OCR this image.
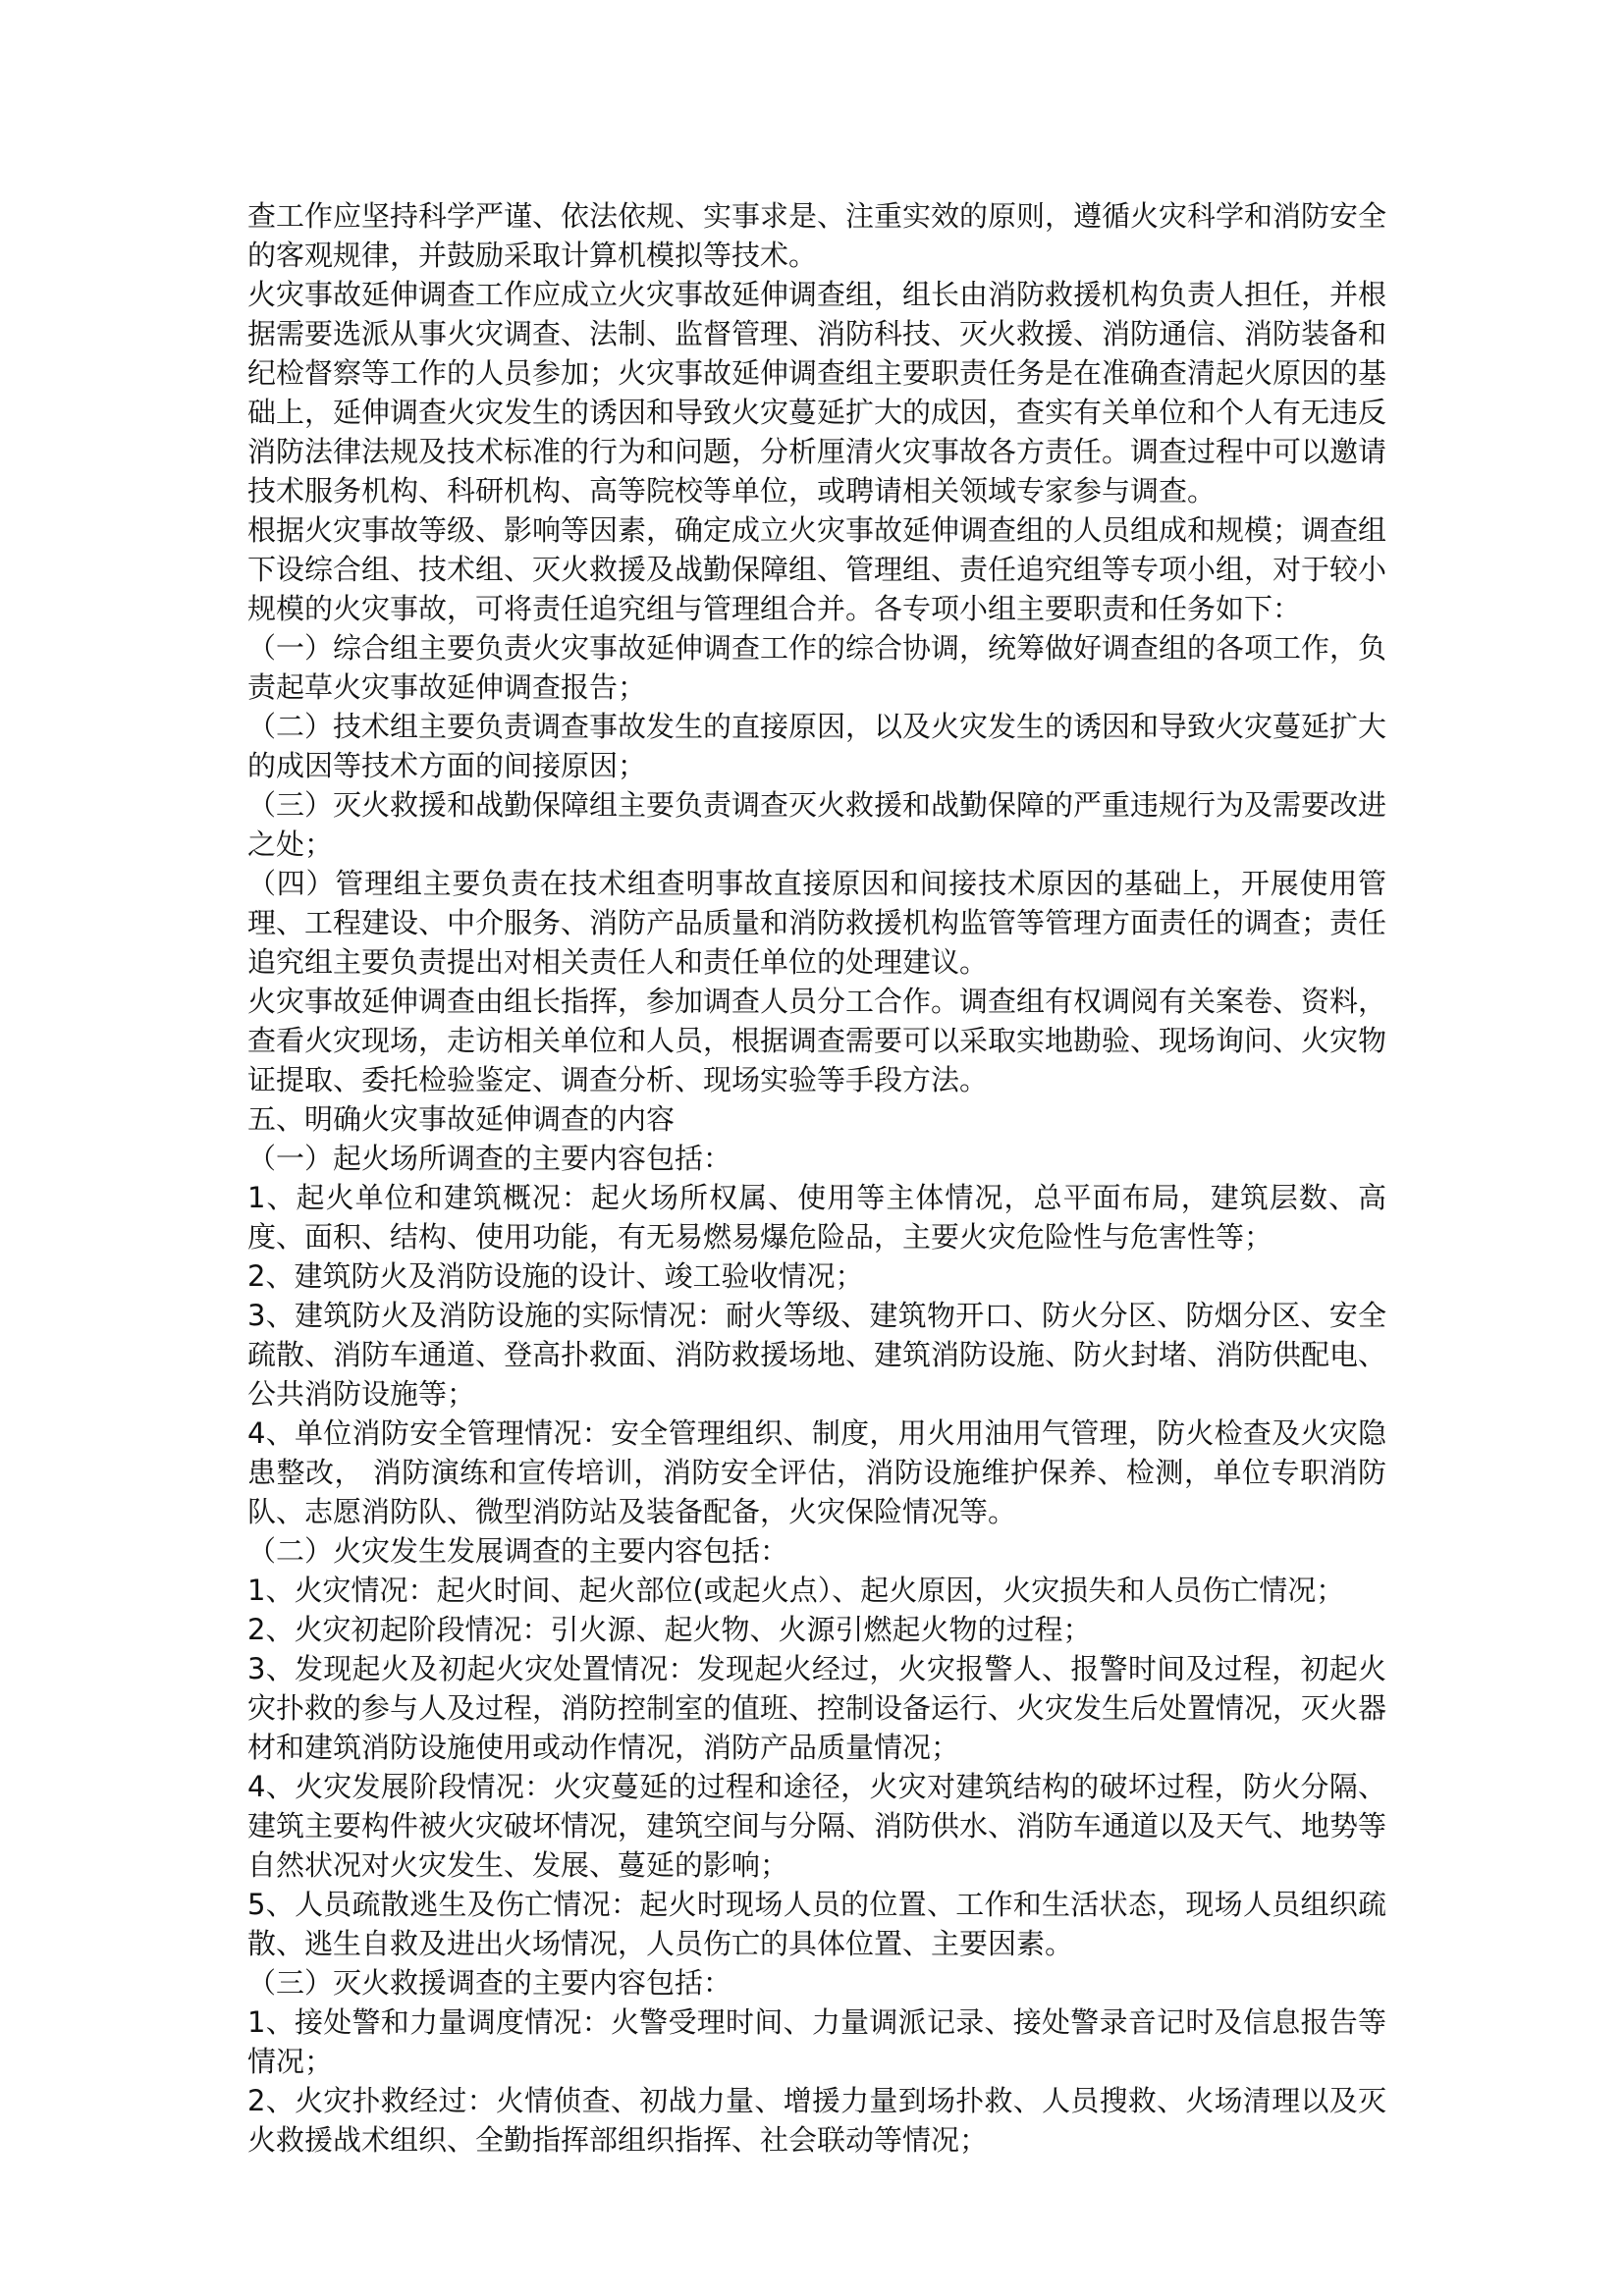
查工作应坚持科学严谨、依法依规、实事求是、注重实效的原则，遵循火灾科学和消防安全的客观规律，并鼓励采取计算机模拟等技术。

火灾事故延伸调查工作应成立火灾事故延伸调查组，组长由消防救援机构负责人担任，并根据需要选派从事火灾调查、法制、监督管理、消防科技、灭火救援、消防通信、消防装备和纪检督察等工作的人员参加；火灾事故延伸调查组主要职责任务是在准确查清起火原因的基础上，延伸调查火灾发生的诱因和导致火灾蔓延扩大的成因，查实有关单位和个人有无违反消防法律法规及技术标准的行为和问题，分析厘清火灾事故各方责任。调查过程中可以邀请技术服务机构、科研机构、高等院校等单位，或聘请相关领域专家参与调查。

根据火灾事故等级、影响等因素，确定成立火灾事故延伸调查组的人员组成和规模；调查组下设综合组、技术组、灭火救援及战勤保障组、管理组、责任追究组等专项小组，对于较小规模的火灾事故，可将责任追究组与管理组合并。各专项小组主要职责和任务如下：

（一）综合组主要负责火灾事故延伸调查工作的综合协调，统筹做好调查组的各项工作，负责起草火灾事故延伸调查报告；

（二）技术组主要负责调查事故发生的直接原因，以及火灾发生的诱因和导致火灾蔓延扩大的成因等技术方面的间接原因；

（三）灭火救援和战勤保障组主要负责调查灭火救援和战勤保障的严重违规行为及需要改进之处；

（四）管理组主要负责在技术组查明事故直接原因和间接技术原因的基础上，开展使用管理、工程建设、中介服务、消防产品质量和消防救援机构监管等管理方面责任的调查；责任追究组主要负责提出对相关责任人和责任单位的处理建议。

火灾事故延伸调查由组长指挥，参加调查人员分工合作。调查组有权调阅有关案卷、资料，查看火灾现场，走访相关单位和人员，根据调查需要可以采取实地勘验、现场询问、火灾物证提取、委托检验鉴定、调查分析、现场实验等手段方法。

五、明确火灾事故延伸调查的内容

（一）起火场所调查的主要内容包括：

1、起火单位和建筑概况：起火场所权属、使用等主体情况，总平面布局，建筑层数、高度、面积、结构、使用功能，有无易燃易爆危险品，主要火灾危险性与危害性等；

2、建筑防火及消防设施的设计、竣工验收情况；

3、建筑防火及消防设施的实际情况：耐火等级、建筑物开口、防火分区、防烟分区、安全疏散、消防车通道、登高扑救面、消防救援场地、建筑消防设施、防火封堵、消防供配电、公共消防设施等；

4、单位消防安全管理情况：安全管理组织、制度，用火用油用气管理，防火检查及火灾隐患整改， 消防演练和宣传培训，消防安全评估，消防设施维护保养、检测，单位专职消防队、志愿消防队、微型消防站及装备配备，火灾保险情况等。

（二）火灾发生发展调查的主要内容包括：

1、火灾情况：起火时间、起火部位(或起火点）、起火原因，火灾损失和人员伤亡情况；

2、火灾初起阶段情况：引火源、起火物、火源引燃起火物的过程；

3、发现起火及初起火灾处置情况：发现起火经过，火灾报警人、报警时间及过程，初起火灾扑救的参与人及过程，消防控制室的值班、控制设备运行、火灾发生后处置情况，灭火器材和建筑消防设施使用或动作情况，消防产品质量情况；

4、火灾发展阶段情况：火灾蔓延的过程和途径，火灾对建筑结构的破坏过程，防火分隔、建筑主要构件被火灾破坏情况，建筑空间与分隔、消防供水、消防车通道以及天气、地势等自然状况对火灾发生、发展、蔓延的影响；

5、人员疏散逃生及伤亡情况：起火时现场人员的位置、工作和生活状态，现场人员组织疏散、逃生自救及进出火场情况，人员伤亡的具体位置、主要因素。

（三）灭火救援调查的主要内容包括：

1、接处警和力量调度情况：火警受理时间、力量调派记录、接处警录音记时及信息报告等情况；

2、火灾扑救经过：火情侦查、初战力量、增援力量到场扑救、人员搜救、火场清理以及灭火救援战术组织、全勤指挥部组织指挥、社会联动等情况；
